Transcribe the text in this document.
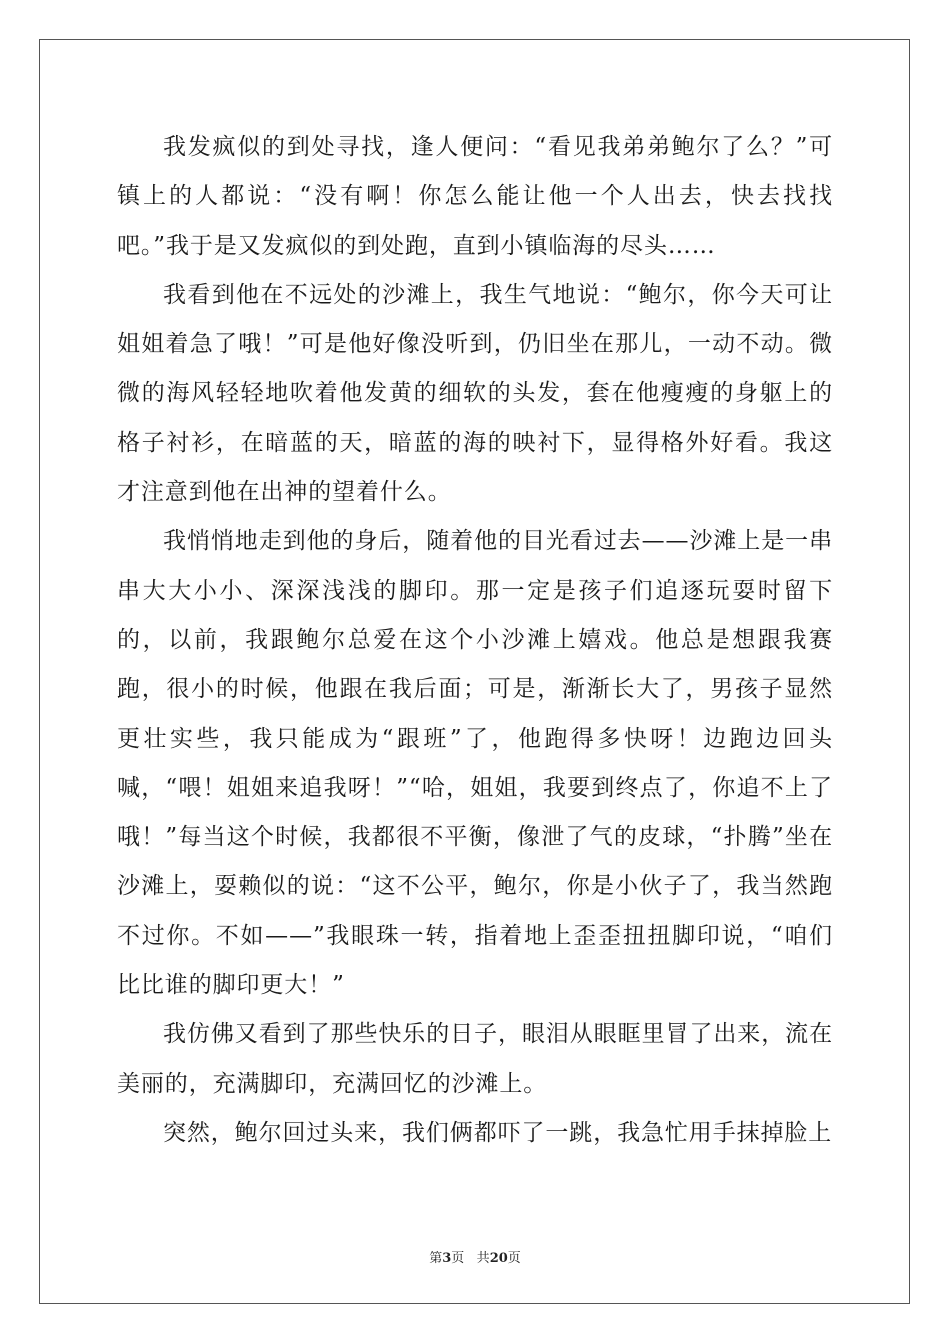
我发疯似的到处寻找，逢人便问：“看见我弟弟鲍尔了么？”可镇上的人都说：“没有啊！你怎么能让他一个人出去，快去找找吧。”我于是又发疯似的到处跑，直到小镇临海的尽头……

我看到他在不远处的沙滩上，我生气地说：“鲍尔，你今天可让姐姐着急了哦！”可是他好像没听到，仍旧坐在那儿，一动不动。微微的海风轻轻地吹着他发黄的细软的头发，套在他瘦瘦的身躯上的格子衬衫，在暗蓝的天，暗蓝的海的映衬下，显得格外好看。我这才注意到他在出神的望着什么。

我悄悄地走到他的身后，随着他的目光看过去——沙滩上是一串串大大小小、深深浅浅的脚印。那一定是孩子们追逐玩耍时留下的，以前，我跟鲍尔总爱在这个小沙滩上嬉戏。他总是想跟我赛跑，很小的时候，他跟在我后面；可是，渐渐长大了，男孩子显然更壮实些，我只能成为“跟班”了，他跑得多快呀！边跑边回头喊，“喂！姐姐来追我呀！”“哈，姐姐，我要到终点了，你追不上了哦！”每当这个时候，我都很不平衡，像泄了气的皮球，“扑腾”坐在沙滩上，耍赖似的说：“这不公平，鲍尔，你是小伙子了，我当然跑不过你。不如——”我眼珠一转，指着地上歪歪扭扭脚印说，“咱们比比谁的脚印更大！”

我仿佛又看到了那些快乐的日子，眼泪从眼眶里冒了出来，流在美丽的，充满脚印，充满回忆的沙滩上。

突然，鲍尔回过头来，我们俩都吓了一跳，我急忙用手抹掉脸上

第3页 共20页
